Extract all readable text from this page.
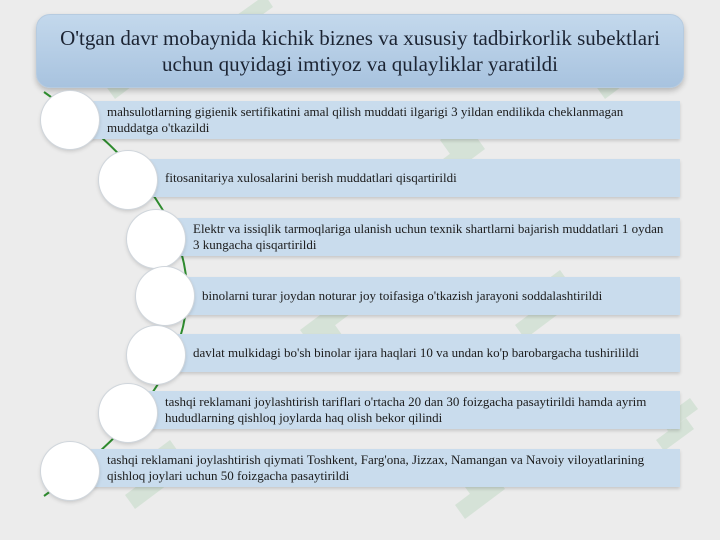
O'tgan davr mobaynida kichik biznes va xususiy tadbirkorlik subektlari uchun quyidagi imtiyoz va qulayliklar yaratildi
mahsulotlarning gigienik sertifikatini amal qilish muddati ilgarigi 3 yildan endilikda cheklanmagan muddatga o'tkazildi
fitosanitariya xulosalarini berish muddatlari qisqartirildi
Elektr va issiqlik tarmoqlariga ulanish uchun texnik shartlarni bajarish muddatlari 1 oydan 3 kungacha qisqartirildi
binolarni turar joydan noturar joy toifasiga o'tkazish jarayoni soddalashtirildi
davlat mulkidagi bo'sh binolar ijara haqlari 10 va undan ko'p barobargacha tushirilildi
tashqi reklamani joylashtirish tariflari o'rtacha 20 dan 30 foizgacha pasaytirildi hamda ayrim hududlarning qishloq joylarda haq olish bekor qilindi
tashqi reklamani joylashtirish qiymati Toshkent, Farg'ona, Jizzax, Namangan va Navoiy viloyatlarining qishloq joylari uchun 50 foizgacha pasaytirildi
